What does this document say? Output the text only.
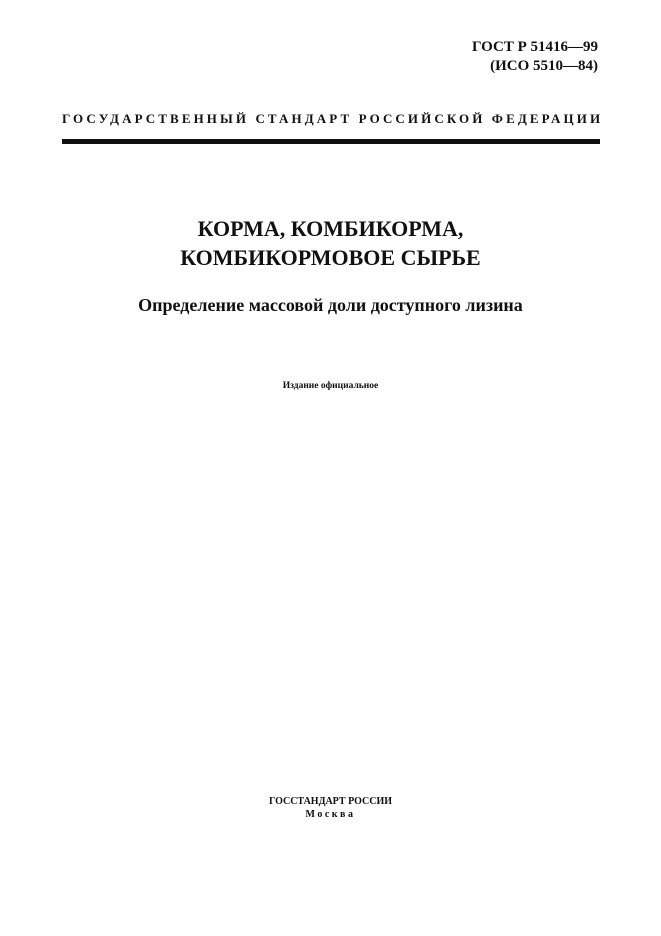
ГОСТ Р 51416—99
(ИСО 5510—84)
ГОСУДАРСТВЕННЫЙ СТАНДАРТ РОССИЙСКОЙ ФЕДЕРАЦИИ
КОРМА, КОМБИКОРМА,
КОМБИКОРМОВОЕ СЫРЬЕ
Определение массовой доли доступного лизина
Издание официальное
ГОССТАНДАРТ РОССИИ
Москва
